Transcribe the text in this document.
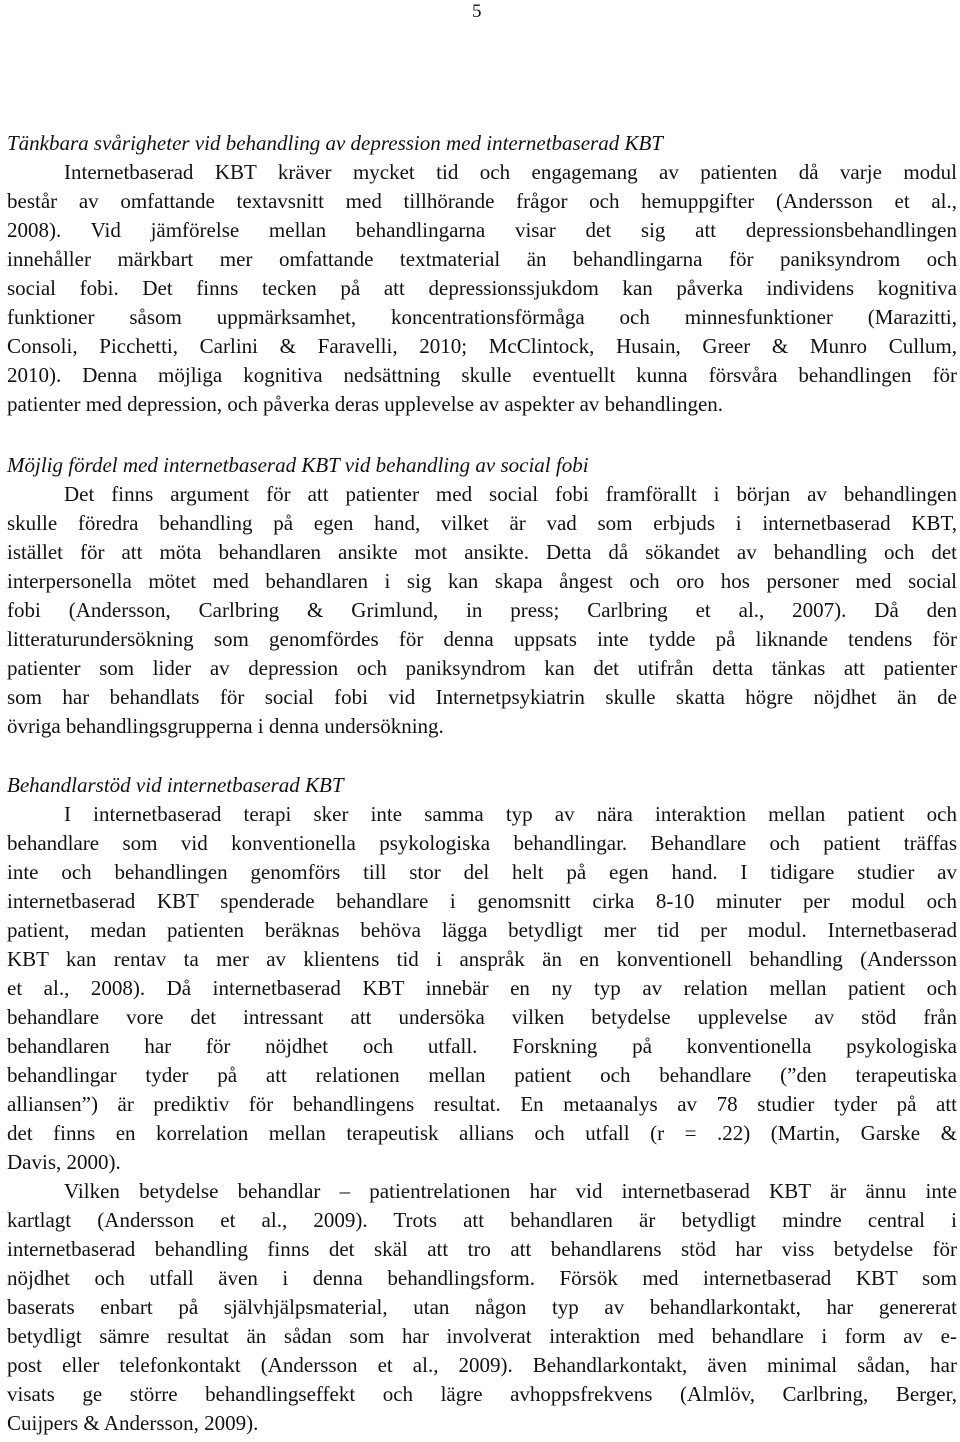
5
Tänkbara svårigheter vid behandling av depression med internetbaserad KBT
Internetbaserad KBT kräver mycket tid och engagemang av patienten då varje modul
består av omfattande textavsnitt med tillhörande frågor och hemuppgifter (Andersson et al.,
2008). Vid jämförelse mellan behandlingarna visar det sig att depressionsbehandlingen
innehåller märkbart mer omfattande textmaterial än behandlingarna för paniksyndrom och
social fobi. Det finns tecken på att depressionssjukdom kan påverka individens kognitiva
funktioner såsom uppmärksamhet, koncentrationsförmåga och minnesfunktioner (Marazitti,
Consoli, Picchetti, Carlini & Faravelli, 2010; McClintock, Husain, Greer & Munro Cullum,
2010). Denna möjliga kognitiva nedsättning skulle eventuellt kunna försvåra behandlingen för
patienter med depression, och påverka deras upplevelse av aspekter av behandlingen.
Möjlig fördel med internetbaserad KBT vid behandling av social fobi
Det finns argument för att patienter med social fobi framförallt i början av behandlingen
skulle föredra behandling på egen hand, vilket är vad som erbjuds i internetbaserad KBT,
istället för att möta behandlaren ansikte mot ansikte. Detta då sökandet av behandling och det
interpersonella mötet med behandlaren i sig kan skapa ångest och oro hos personer med social
fobi (Andersson, Carlbring & Grimlund, in press; Carlbring et al., 2007). Då den
litteraturundersökning som genomfördes för denna uppsats inte tydde på liknande tendens för
patienter som lider av depression och paniksyndrom kan det utifrån detta tänkas att patienter
som har behandlats för social fobi vid Internetpsykiatrin skulle skatta högre nöjdhet än de
övriga behandlingsgrupperna i denna undersökning.
Behandlarstöd vid internetbaserad KBT
I internetbaserad terapi sker inte samma typ av nära interaktion mellan patient och
behandlare som vid konventionella psykologiska behandlingar. Behandlare och patient träffas
inte och behandlingen genomförs till stor del helt på egen hand. I tidigare studier av
internetbaserad KBT spenderade behandlare i genomsnitt cirka 8-10 minuter per modul och
patient, medan patienten beräknas behöva lägga betydligt mer tid per modul. Internetbaserad
KBT kan rentav ta mer av klientens tid i anspråk än en konventionell behandling (Andersson
et al., 2008). Då internetbaserad KBT innebär en ny typ av relation mellan patient och
behandlare vore det intressant att undersöka vilken betydelse upplevelse av stöd från
behandlaren har för nöjdhet och utfall. Forskning på konventionella psykologiska
behandlingar tyder på att relationen mellan patient och behandlare (”den terapeutiska
alliansen”) är prediktiv för behandlingens resultat. En metaanalys av 78 studier tyder på att
det finns en korrelation mellan terapeutisk allians och utfall (r = .22) (Martin, Garske &
Davis, 2000).
Vilken betydelse behandlar – patientrelationen har vid internetbaserad KBT är ännu inte
kartlagt (Andersson et al., 2009). Trots att behandlaren är betydligt mindre central i
internetbaserad behandling finns det skäl att tro att behandlarens stöd har viss betydelse för
nöjdhet och utfall även i denna behandlingsform. Försök med internetbaserad KBT som
baserats enbart på självhjälpsmaterial, utan någon typ av behandlarkontakt, har genererat
betydligt sämre resultat än sådan som har involverat interaktion med behandlare i form av e-
post eller telefonkontakt (Andersson et al., 2009). Behandlarkontakt, även minimal sådan, har
visats ge större behandlingseffekt och lägre avhoppsfrekvens (Almlöv, Carlbring, Berger,
Cuijpers & Andersson, 2009).
